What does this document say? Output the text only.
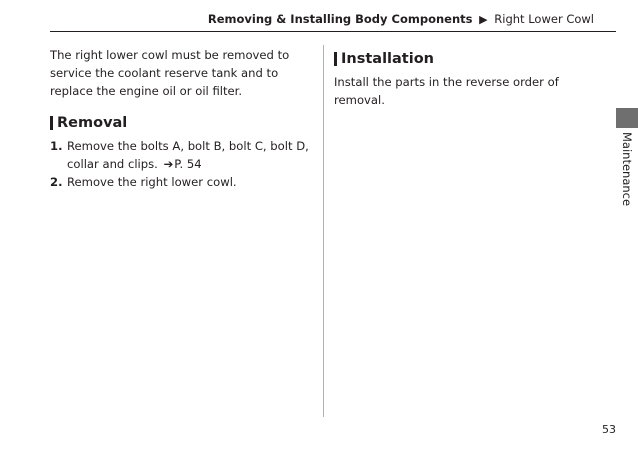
Removing & Installing Body Components ▶ Right Lower Cowl

The right lower cowl must be removed to service the coolant reserve tank and to replace the engine oil or oil filter.

Removal
1. Remove the bolts A, bolt B, bolt C, bolt D, collar and clips. ➔P. 54
2. Remove the right lower cowl.
Installation

Install the parts in the reverse order of removal.

Maintenance
53
